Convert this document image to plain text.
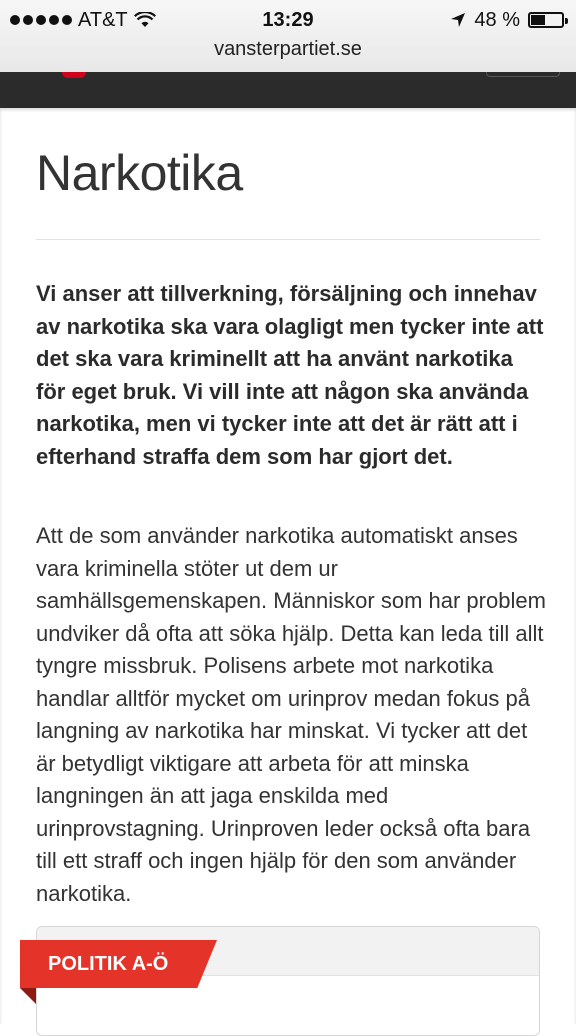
AT&T	13:29	48 %
vansterpartiet.se
Narkotika

Vi anser att tillverkning, försäljning och innehav av narkotika ska vara olagligt men tycker inte att det ska vara kriminellt att ha använt narkotika för eget bruk. Vi vill inte att någon ska använda narkotika, men vi tycker inte att det är rätt att i efterhand straffa dem som har gjort det.

Att de som använder narkotika automatiskt anses vara kriminella stöter ut dem ur samhällsgemenskapen. Människor som har problem undviker då ofta att söka hjälp. Detta kan leda till allt tyngre missbruk. Polisens arbete mot narkotika handlar alltför mycket om urinprov medan fokus på langning av narkotika har minskat. Vi tycker att det är betydligt viktigare att arbeta för att minska langningen än att jaga enskilda med urinprovstagning. Urinproven leder också ofta bara till ett straff och ingen hjälp för den som använder narkotika.

POLITIK A-Ö
